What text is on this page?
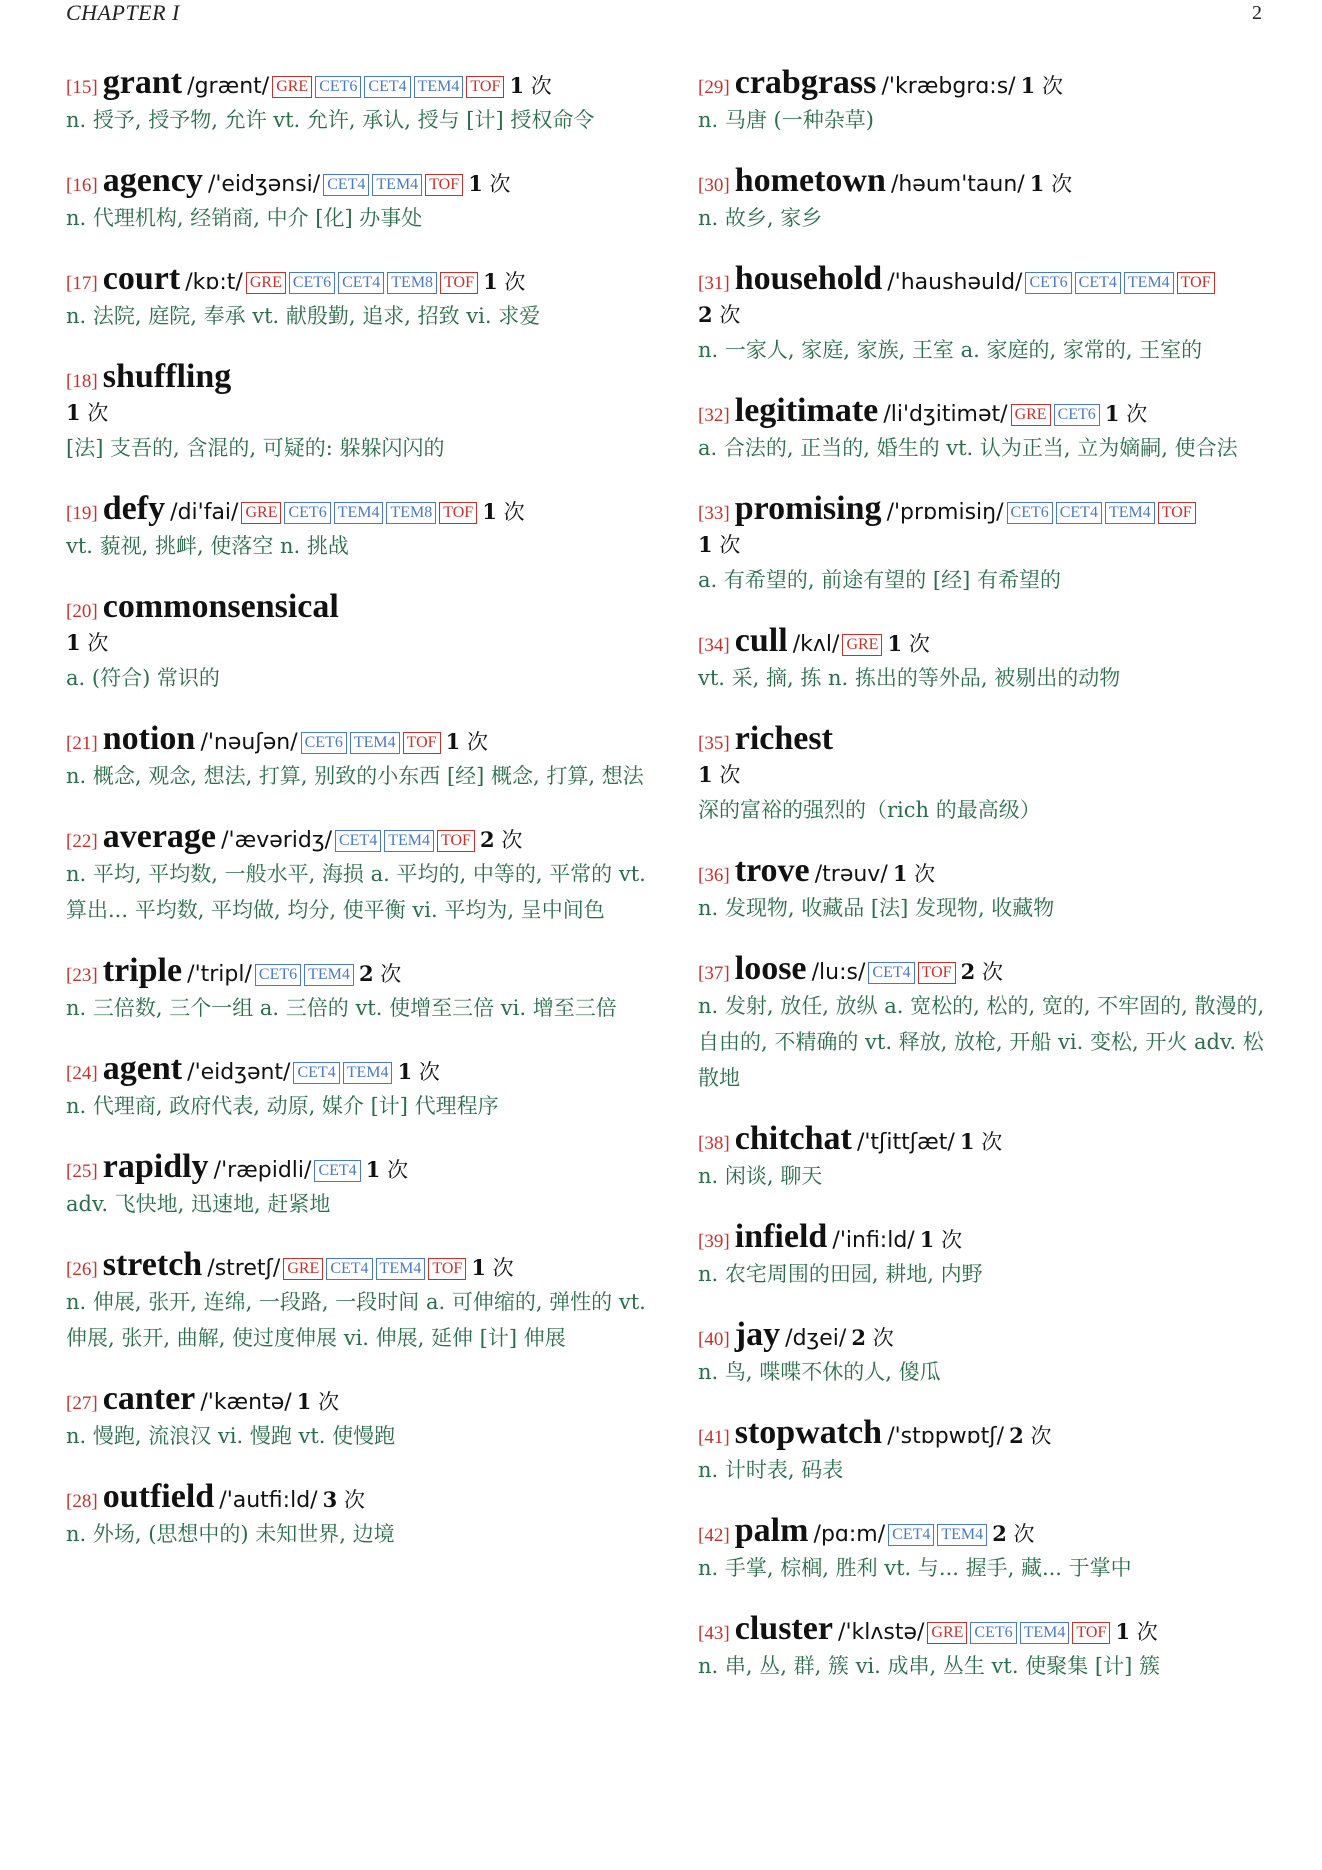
CHAPTER I	2
[15] grant /grænt/ GRE CET6 CET4 TEM4 TOF 1 次
n. 授予, 授予物, 允许 vt. 允许, 承认, 授与 [计] 授权命令
[16] agency /'eidʒənsi/ CET4 TEM4 TOF 1 次
n. 代理机构, 经销商, 中介 [化] 办事处
[17] court /kɒ:t/ GRE CET6 CET4 TEM8 TOF 1 次
n. 法院, 庭院, 奉承 vt. 献殷勤, 追求, 招致 vi. 求爱
[18] shuffling
1 次
[法] 支吾的, 含混的, 可疑的: 躲躲闪闪的
[19] defy /di'fai/ GRE CET6 TEM4 TEM8 TOF 1 次
vt. 藐视, 挑衅, 使落空 n. 挑战
[20] commonsensical
1 次
a. (符合) 常识的
[21] notion /'nəuʃən/ CET6 TEM4 TOF 1 次
n. 概念, 观念, 想法, 打算, 别致的小东西 [经] 概念, 打算, 想法
[22] average /'ævəridʒ/ CET4 TEM4 TOF 2 次
n. 平均, 平均数, 一般水平, 海损 a. 平均的, 中等的, 平常的 vt. 算出... 平均数, 平均做, 均分, 使平衡 vi. 平均为, 呈中间色
[23] triple /'tripl/ CET6 TEM4 2 次
n. 三倍数, 三个一组 a. 三倍的 vt. 使增至三倍 vi. 增至三倍
[24] agent /'eidʒənt/ CET4 TEM4 1 次
n. 代理商, 政府代表, 动原, 媒介 [计] 代理程序
[25] rapidly /'ræpidli/ CET4 1 次
adv. 飞快地, 迅速地, 赶紧地
[26] stretch /stretʃ/ GRE CET4 TEM4 TOF 1 次
n. 伸展, 张开, 连绵, 一段路, 一段时间 a. 可伸缩的, 弹性的 vt. 伸展, 张开, 曲解, 使过度伸展 vi. 伸展, 延伸 [计] 伸展
[27] canter /'kæntə/ 1 次
n. 慢跑, 流浪汉 vi. 慢跑 vt. 使慢跑
[28] outfield /'autfi:ld/ 3 次
n. 外场, (思想中的) 未知世界, 边境
[29] crabgrass /'kræbgrɑ:s/ 1 次
n. 马唐 (一种杂草)
[30] hometown /həum'taun/ 1 次
n. 故乡, 家乡
[31] household /'haushəuld/ CET6 CET4 TEM4 TOF
2 次
n. 一家人, 家庭, 家族, 王室 a. 家庭的, 家常的, 王室的
[32] legitimate /li'dʒitimət/ GRE CET6 1 次
a. 合法的, 正当的, 婚生的 vt. 认为正当, 立为嫡嗣, 使合法
[33] promising /'prɒmisiŋ/ CET6 CET4 TEM4 TOF
1 次
a. 有希望的, 前途有望的 [经] 有希望的
[34] cull /kʌl/ GRE 1 次
vt. 采, 摘, 拣 n. 拣出的等外品, 被剔出的动物
[35] richest
1 次
深的富裕的强烈的（rich 的最高级）
[36] trove /trəuv/ 1 次
n. 发现物, 收藏品 [法] 发现物, 收藏物
[37] loose /lu:s/ CET4 TOF 2 次
n. 发射, 放任, 放纵 a. 宽松的, 松的, 宽的, 不牢固的, 散漫的, 自由的, 不精确的 vt. 释放, 放枪, 开船 vi. 变松, 开火 adv. 松散地
[38] chitchat /'tʃittʃæt/ 1 次
n. 闲谈, 聊天
[39] infield /'infi:ld/ 1 次
n. 农宅周围的田园, 耕地, 内野
[40] jay /dʒei/ 2 次
n. 鸟, 喋喋不休的人, 傻瓜
[41] stopwatch /'stɒpwɒtʃ/ 2 次
n. 计时表, 码表
[42] palm /pɑ:m/ CET4 TEM4 2 次
n. 手掌, 棕榈, 胜利 vt. 与... 握手, 藏... 于掌中
[43] cluster /'klʌstə/ GRE CET6 TEM4 TOF 1 次
n. 串, 丛, 群, 簇 vi. 成串, 丛生 vt. 使聚集 [计] 簇
